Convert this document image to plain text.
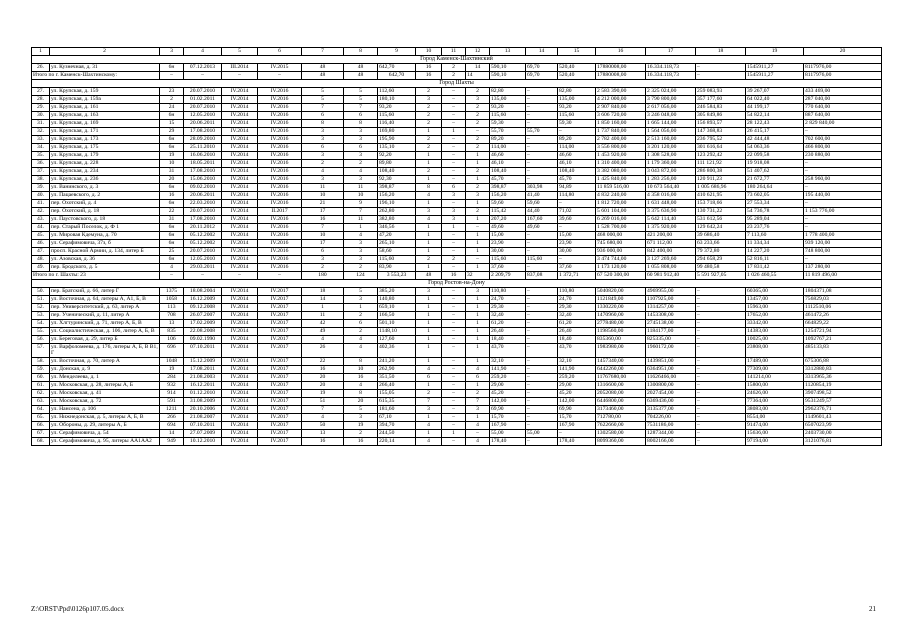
1	2	3	4	5	6	7	8	9	10	11	12	13	14	15	16	17	18	19	20
Город Каменск-Шахтинский																			
26.	ул. Кузнечная, д. 31	6н	07.12.2013	III.2014	IV.2015	48	48	642,70	16	2	14	590,10	69,70	520,40	17880008,00	16.334.118,73	–	1545911,27	8117976,00
Итого по г. Каменск-Шахтинскому:		–	–	–	–	48	48	642,70	16	2	14	590,10	69,70	520,40	17880008,00	16.334.118,73	–	1545911,27	8117976,00
Город Шахты																			
27.	ул. Крупская, д. 159	23	20.07.2010	IV.2014	IV.2016	5	5	112,60	2	–	2	82,80	–	82,80	2 583 390,00	2 325 024,00	259 083,93	39 267,07	433 469,00
28.	ул. Крупская, д. 159а	2	01.02.2011	IV.2014	IV.2016	5	5	180,10	3	–	3	135,00	–	135,00	4 212 000,00	3 790 800,00	357 177,60	64 022,40	287 040,00
29.	ул. Крупская, д. 161	24	20.07.2010	IV.2014	IV.2016	7	7	93,20	2	–	2	93,20	–	93,20	2 907 840,00	2 617 056,00	246 584,83	44 199,17	770 640,00
30.	ул. Крупская, д. 163	6н	12.05.2010	IV.2014	IV.2016	6	6	115,60	2	–	2	115,60	–	115,60	3 606 720,00	3 246 048,00	305 849,86	54 822,14	887 640,00
31.	ул. Крупская, д. 169	15	20.06.2011	IV.2014	IV.2016	8	8	116,40	2	–	2	59,30	–	59,30	1 850 160,00	1 665 144,00	156 893,57	28 122,43	2 829 840,00
32.	ул. Крупская, д. 171	29	17.08.2010	IV.2014	IV.2016	3	3	169,80	1	1	–	55,70	55,70	–	1 737 840,00	1 564 056,00	147 368,83	26 415,17	–
33.	ул. Крупская, д. 173	6н	28.09.2010	IV.2014	IV.2016	3	3	195,90	2	–	2	89,20	–	89,20	2 782 400,00	2 513 160,00	236 795,52	42 444,48	702 600,00
34.	ул. Крупская, д. 175	6н	25.11.2010	IV.2014	IV.2016	6	6	135,10	2	–	2	114,00	–	114,00	3 556 800,00	3 201 120,00	301 616,64	54 063,36	466 800,00
35.	ул. Крупская, д. 179	19	16.06.2010	IV.2014	IV.2016	3	3	92,20	1	–	1	46,60	–	46,60	1 453 920,00	1 308 528,00	123 292,42	22 099,58	230 880,00
36.	ул. Крупская, д. 228	10	18.05.2011	IV.2014	IV.2016	2	2	89,80	1	–	1	46,10	–	46,10	1 310 400,00	1 179 360,00	111 121,92	19 918,08	–
37.	ул. Крупская, д. 234	31	17.08.2010	IV.2014	IV.2016	4	4	108,40	2	–	2	108,40	–	108,40	3 382 080,00	3 043 872,00	286 800,38	51 407,62	–
38.	ул. Крупская, д. 236	20	15.06.2010	IV.2014	IV.2016	3	3	92,30	1	–	1	45,70	–	45,70	1 425 840,00	1 283 256,00	120 911,23	21 672,77	258 960,00
39.	ул. Ванинского, д. 3	6н	09.02.2010	IV.2014	IV.2016	11	11	398,87	8	6	2	398,87	303,98	94,89	11 859 516,00	10 673 564,40	1 005 686,96	180 264,64	–
40.	ул. Пацаевского, д. 2	16	20.06.2011	IV.2014	IV.2016	10	10	156,20	4	3	3	156,20	41,40	114,80	4 832 240,00	4 358 016,00	410 621,95	73 602,05	195 440,00
41.	пер. Охотский, д. 4	6н	22.03.2010	IV.2014	IV.2016	21	9	196,10	1	–	1	59,60	59,60	–	1 812 720,00	1 631 448,00	153 718,66	27 553,34	–
42.	пер. Охотский, д. 18	22	20.07.2010	IV.2014	II.2017	17	7	262,80	3	3	2	115,42	44,40	71,02	5 601 104,00	3 375 636,90	130 731,22	54 736,78	1 153 776,00
43.	ул. Паустовского, д. 18	31	17.08.2010	IV.2014	IV.2016	16	11	382,80	4	3	1	207,20	167,60	39,60	6 269 016,00	5 642 114,40	531 612,56	95 289,04	–
44.	пер. Старый Поселок, д. Ф 1	6н	20.11.2012	IV.2014	IV.2016	7	1	346,56	1	1	–	49,60	49,60	–	1 528 700,00	1 375 920,00	129 642,24	23 237,76	–
45.	ул. Мировая Кдемуна, д. 70	6н	05.12.2002	IV.2014	IV.2016	10	4	47,20	1	–	1	15,00	–	15,00	468 000,00	421 200,00	39 686,40	7 113,60	1 778 400,00
46.	ул. Серафимовича, 37з, б	6н	05.12.2002	IV.2014	IV.2016	17	3	265,10	1	–	1	23,90	–	23,90	745 680,00	671 112,00	63 233,66	11 334,34	939 120,00
47.	просп. Красной Армии, д. 134, литер Б	25	20.07.2010	IV.2014	IV.2016	6	3	58,60	1	–	1	30,00	–	30,00	936 000,00	842 400,00	79 372,80	14 227,20	748 800,00
48.	ул. Азовская, д. 36	6н	12.05.2010	IV.2014	IV.2016	3	3	115,60	2	2	–	115,60	115,60	–	3 474 744,00	3 127 269,60	294 658,29	52 816,11	–
49.	пер. Бродского, д. 5	4	29.03.2011	IV.2014	IV.2016	2	2	83,90	1	–	1	37,60	–	37,60	1 173 120,00	1 055 808,00	99 480,58	17 831,42	137 280,00
Итого по г. Шахты: 23		–	–	–	–	180	124	3 553,23	48	16	32	2 209,79	837,08	1 372,71	67 520 300,00	60 981 912,40	5 591 927,05	1 026 460,55	11 819 496,00
Город Ростов-на-Дону																			
50.	пер. Братский, д. 66, литер Г	1375	18.08.2004	IV.2014	IV.2017	18	5	385,20	3	–	3	110,80	–	110,80	5040820,00	4969955,00	–	60365,00	1804371,08
51.	ул. Восточная, д. 64, литеры А, А1, Б, В	1058	16.12.2009	IV.2014	IV.2017	14	3	140,80	1	–	1	24,70	–	24,70	1121849,00	1107925,00	–	13457,00	756829,03
52.	пер. Университетский, д. 63, литер А	113	09.12.2008	IV.2014	IV.2017	1	1	659,10	1	–	1	29,30	–	29,30	1330220,00	1314257,00	–	15963,00	1112510,06
53.	пер. Ученический, д. 11, литер А	708	26.07.2007	IV.2014	IV.2017	11	2	166,50	1	–	1	32,40	–	32,40	1470960,00	1453308,00	–	17652,00	461472,26
54.	ул. Хлгтуринский, д. 71, литер А, Б, В	13	17.02.2009	IV.2014	IV.2017	42	6	501,10	1	–	1	61,20	–	61,20	2778480,00	2745138,00	–	33342,00	664829,22
55.	ул. Социалистическая, д. 106, литер А, Б, В	835	22.08.2008	IV.2014	IV.2017	49	2	1148,10	1	–	1	26,40	–	26,40	1198560,00	1184177,00	–	14383,00	1254721,94
56.	ул. Береговая, д. 29, литер Б	106	09.02.1990	IV.2014	IV.2017	4	4	127,60	1	–	1	18,40	–	18,40	835360,00	825335,00	–	10025,00	1092767,21
57.	ул. Варфоломеева, д. 176, литеры А, Б, В В1, Г	696	07.10.2011	IV.2014	IV.2017	26	4	402,36	1	–	1	43,70	–	43,70	1983980,00	1960172,00	–	23808,00	485133,83
58.	ул. Восточная, д. 70, литер А	1048	15.12.2009	IV.2014	IV.2017	22	8	241,20	1	–	1	32,10	–	32,10	1457340,00	1439851,00	–	17489,00	675306,88
59.	ул. Донская, д. 9	19	17.08.2011	IV.2014	IV.2017	16	10	262,90	4	–	4	141,90	–	141,90	6442260,00	6364951,00	–	77309,00	3312880,83
60.	ул. Менделеева, д. 1	284	21.08.2003	IV.2014	IV.2017	20	16	351,50	6	–	6	259,20	–	259,20	11767680,00	11626466,00	–	141214,00	3313965,36
61.	ул. Московская, д. 28, литеры А, Б	932	16.12.2011	IV.2014	IV.2017	20	4	266,40	1	–	1	29,00	–	29,00	1316600,00	1300800,00	–	15800,00	1120854,19
62.	ул. Московская, д. 41	914	01.12.2010	IV.2014	IV.2017	19	8	155,05	2	–	2	45,20	–	45,20	2052080,00	2027454,00	–	24626,00	3907498,52
63.	ул. Московская, д. 72	591	31.08.2009	IV.2014	IV.2017	51	20	615,35	7	–	7	142,00	–	142,00	6446800,00	6369436,00	–	77364,00	9531249,57
64.	ул. Нансена, д. 106	1211	20.10.2006	IV.2014	IV.2017	7	5	181,60	3	–	3	69,90	–	69,90	3173460,00	3135377,00	–	38083,00	2962376,71
65.	ул. Нижнедонская, д. 5, литеры А, Б, В	266	21.08.2007	IV.2014	IV.2017	4	3	67,10	1	–	1	15,70	–	15,70	712780,00	704226,00	–	8554,00	1149601,43
66.	ул. Обороны, д. 29, литеры А, Б	694	07.10.2011	IV.2014	IV.2017	50	19	394,70	4	–	4	167,90	–	167,90	7622660,00	7531186,00	–	91474,00	6507023,99
67.	ул. Серафимовича, д. 54	14	27.07.2009	IV.2014	IV.2017	13	2	244,50	1	1	–	55,00	55,00	–	1302580,00	1287344,00	–	15636,00	2403730,00
68.	ул. Серафимовича, д. 95, литеры АА1АА2	949	10.12.2010	IV.2014	IV.2017	16	16	220,14	4	–	4	178,40	–	178,40	8099360,00	8002166,00	–	97194,00	3121076,81
Z:\ORST\Ppd\0126p107.05.docx	21
